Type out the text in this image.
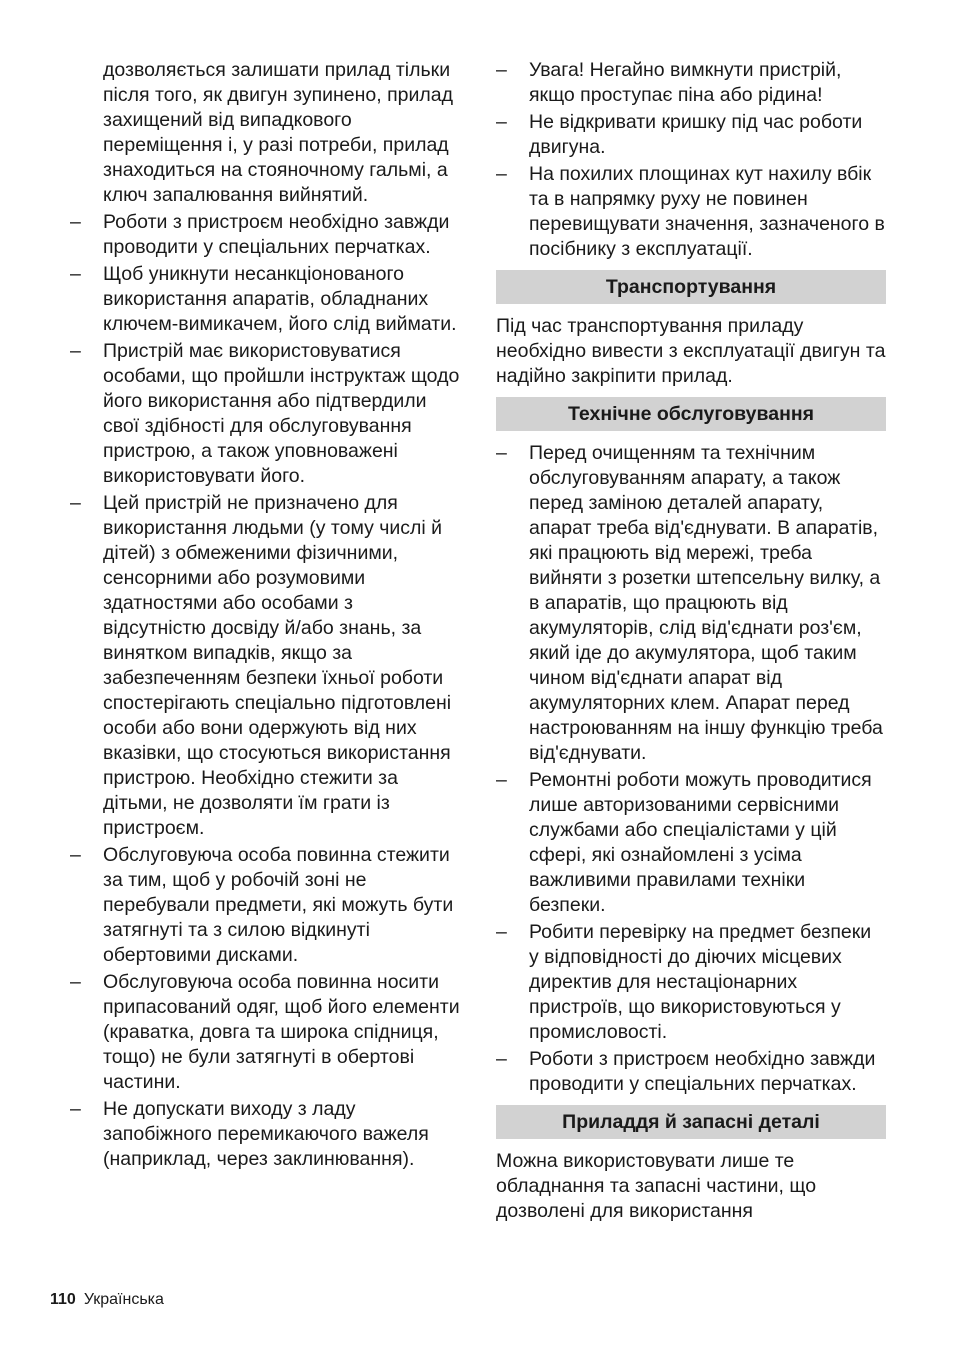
дозволяється залишати прилад тільки після того, як двигун зупинено, прилад захищений від випадкового переміщення і, у разі потреби, прилад знаходиться на стояночному гальмі, а ключ запалювання вийнятий.

–	Роботи з пристроєм необхідно завжди проводити у спеціальних перчатках.
–	Щоб уникнути несанкціонованого використання апаратів, обладнаних ключем-вимикачем, його слід виймати.
–	Пристрій має використовуватися особами, що пройшли інструктаж щодо його використання або підтвердили свої здібності для обслуговування пристрою, а також уповноважені використовувати його.
–	Цей пристрій не призначено для використання людьми (у тому числі й дітей) з обмеженими фізичними, сенсорними або розумовими здатностями або особами з відсутністю досвіду й/або знань, за винятком випадків, якщо за забезпеченням безпеки їхньої роботи спостерігають спеціально підготовлені особи або вони одержують від них вказівки, що стосуються використання пристрою. Необхідно стежити за дітьми, не дозволяти їм грати із пристроєм.
–	Обслуговуюча особа повинна стежити за тим, щоб у робочій зоні не перебували предмети, які можуть бути затягнуті та з силою відкинуті обертовими дисками.
–	Обслуговуюча особа повинна носити припасований одяг, щоб його елементи (краватка, довга та широка спідниця, тощо) не були затягнуті в обертові частини.
–	Не допускати виходу з ладу запобіжного перемикаючого важеля (наприклад, через заклинювання).
–	Увага! Негайно вимкнути пристрій, якщо проступає піна або рідина!
–	Не відкривати кришку під час роботи двигуна.
–	На похилих площинах кут нахилу вбік та в напрямку руху не повинен перевищувати значення, зазначеного в посібнику з експлуатації.
Транспортування

Під час транспортування приладу необхідно вивести з експлуатації двигун та надійно закріпити прилад.

Технічне обслуговування
–	Перед очищенням та технічним обслуговуванням апарату, а також перед заміною деталей апарату, апарат треба від'єднувати. В апаратів, які працюють від мережі, треба вийняти з розетки штепсельну вилку, а в апаратів, що працюють від акумуляторів, слід від'єднати роз'єм, який іде до акумулятора, щоб таким чином від'єднати апарат від акумуляторних клем. Апарат перед настроюванням на іншу функцію треба від'єднувати.
–	Ремонтні роботи можуть проводитися лише авторизованими сервісними службами або спеціалістами у цій сфері, які ознайомлені з усіма важливими правилами техніки безпеки.
–	Робити перевірку на предмет безпеки у відповідності до діючих місцевих директив для нестаціонарних пристроїв, що використовуються у промисловості.
–	Роботи з пристроєм необхідно завжди проводити у спеціальних перчатках.
Приладдя й запасні деталі

Можна використовувати лише те обладнання та запасні частини, що дозволені для використання

110 Українська
